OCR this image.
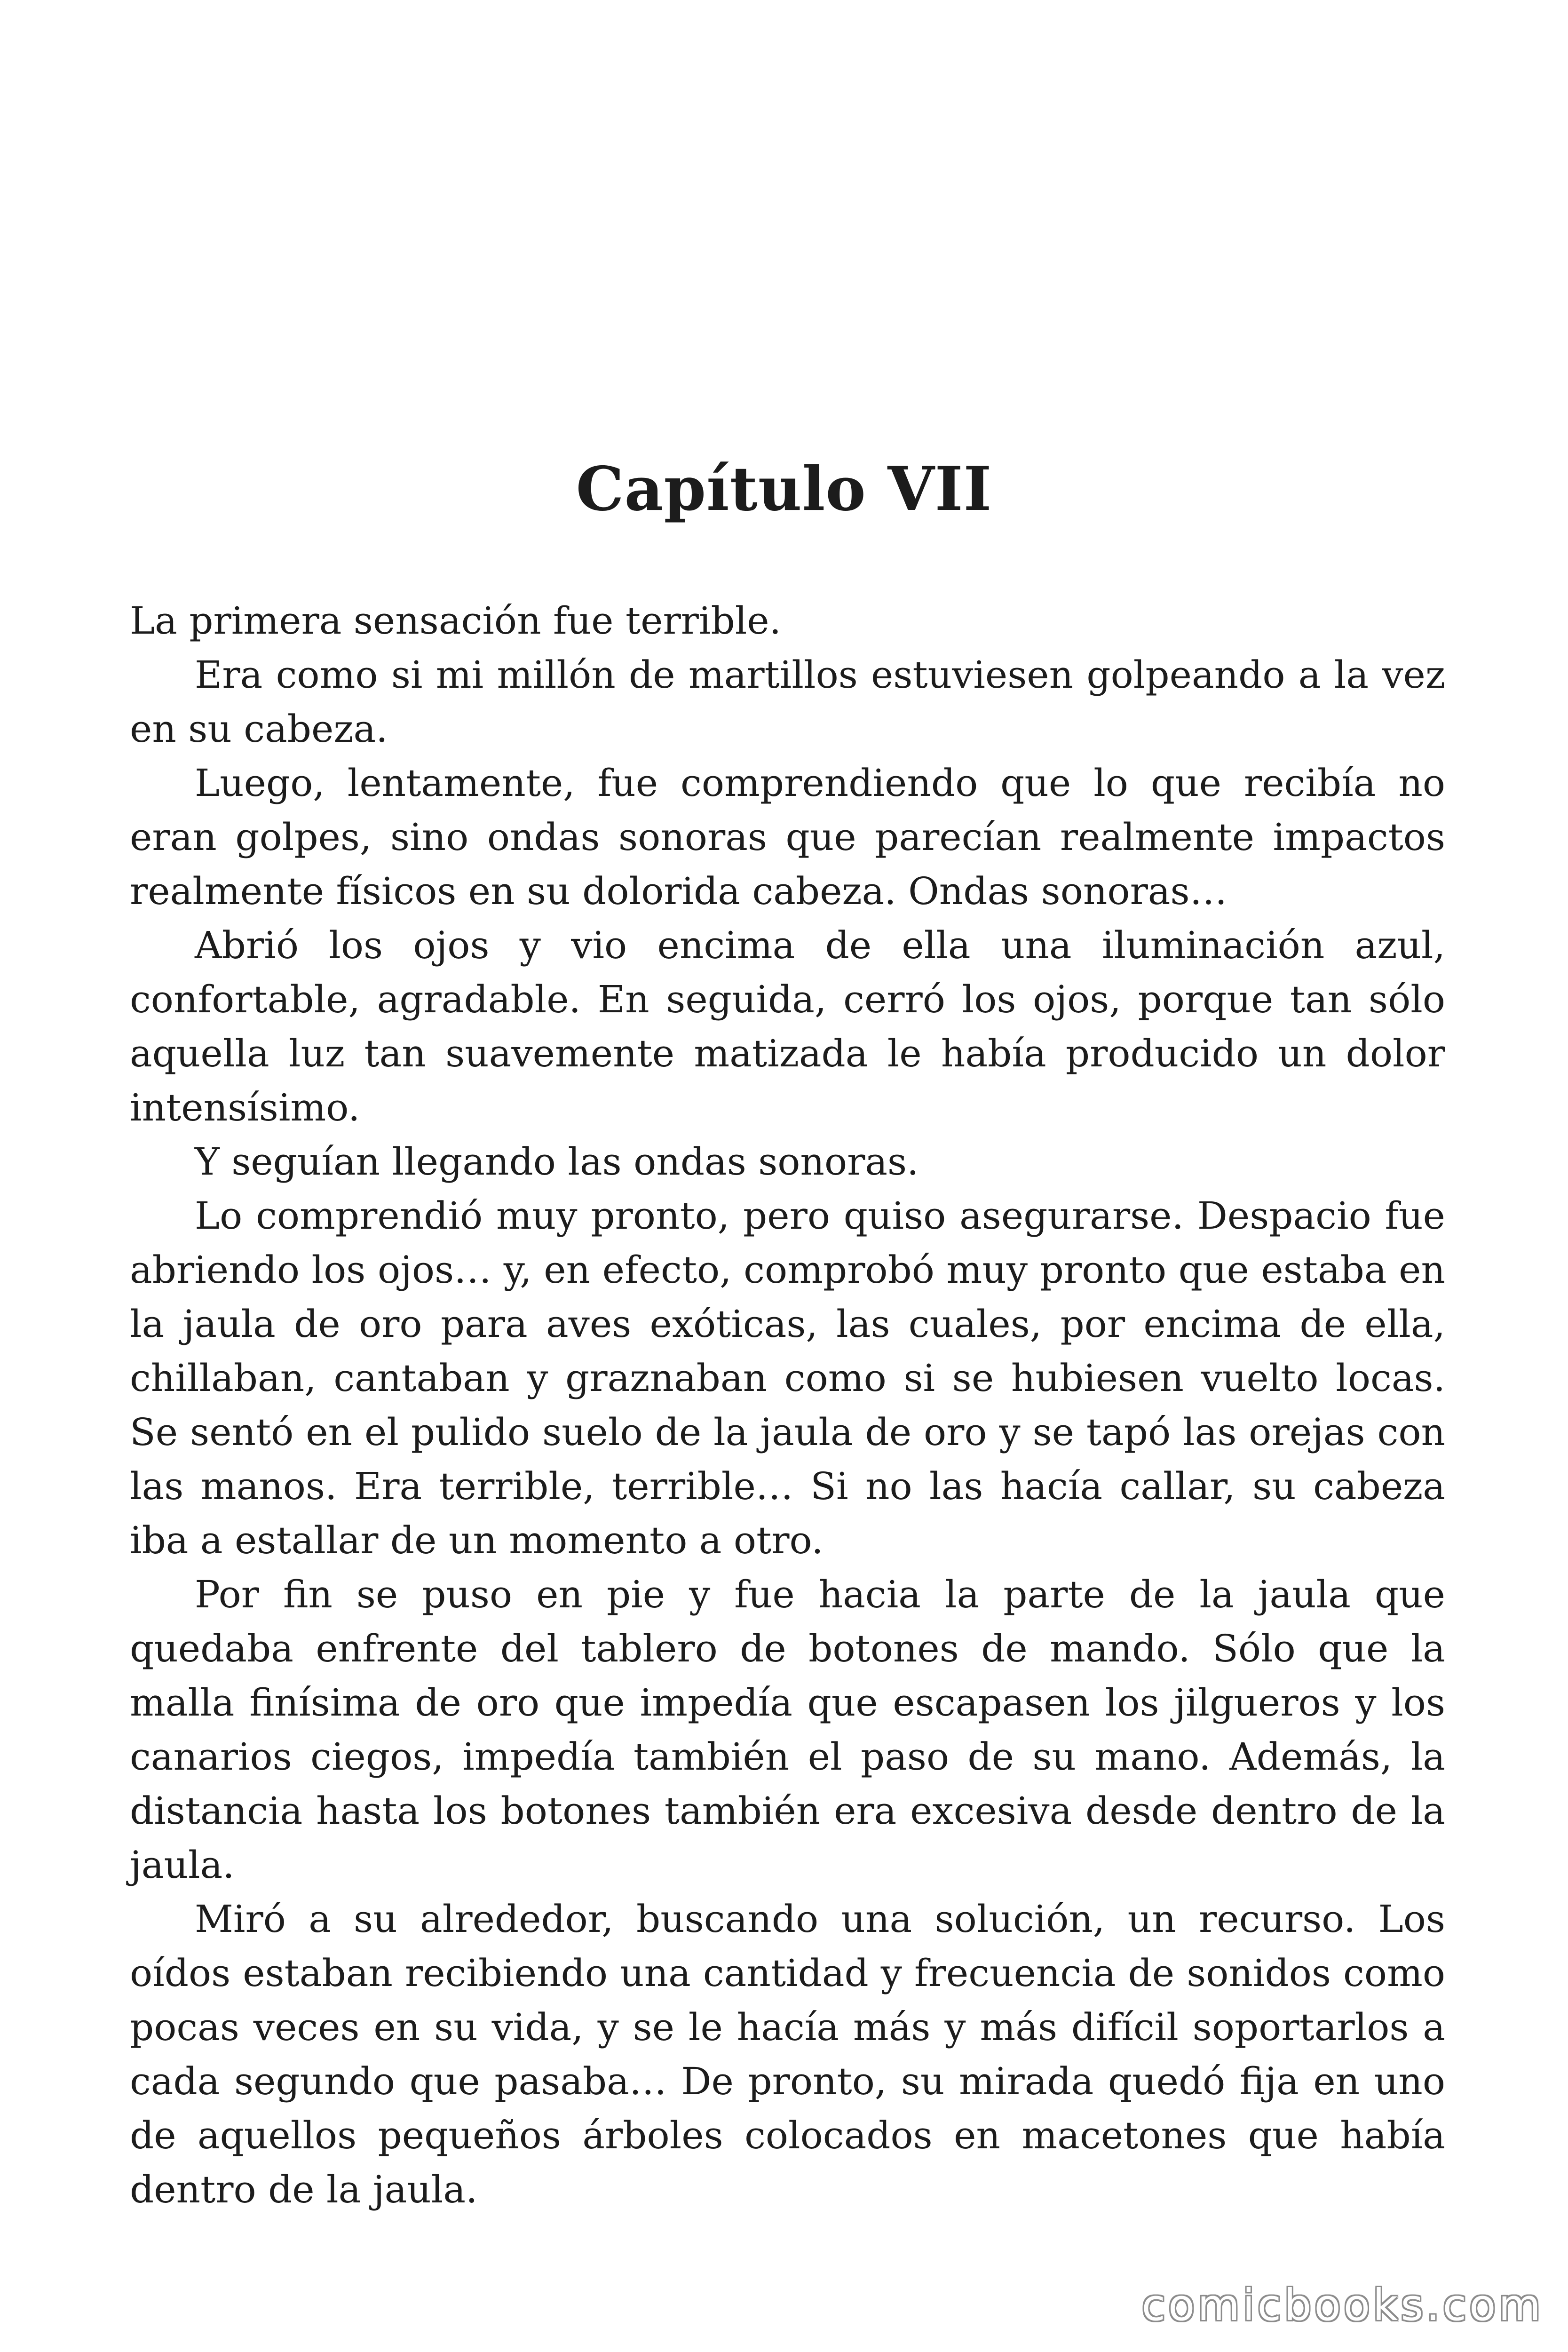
Capítulo VII

La primera sensación fue terrible.

Era como si mi millón de martillos estuviesen golpeando a la vez en su cabeza.

Luego, lentamente, fue comprendiendo que lo que recibía no eran golpes, sino ondas sonoras que parecían realmente impactos realmente físicos en su dolorida cabeza. Ondas sonoras…

Abrió los ojos y vio encima de ella una iluminación azul, confortable, agradable. En seguida, cerró los ojos, porque tan sólo aquella luz tan suavemente matizada le había producido un dolor intensísimo.

Y seguían llegando las ondas sonoras.

Lo comprendió muy pronto, pero quiso asegurarse. Despacio fue abriendo los ojos… y, en efecto, comprobó muy pronto que estaba en la jaula de oro para aves exóticas, las cuales, por encima de ella, chillaban, cantaban y graznaban como si se hubiesen vuelto locas. Se sentó en el pulido suelo de la jaula de oro y se tapó las orejas con las manos. Era terrible, terrible… Si no las hacía callar, su cabeza iba a estallar de un momento a otro.

Por fin se puso en pie y fue hacia la parte de la jaula que quedaba enfrente del tablero de botones de mando. Sólo que la malla finísima de oro que impedía que escapasen los jilgueros y los canarios ciegos, impedía también el paso de su mano. Además, la distancia hasta los botones también era excesiva desde dentro de la jaula.

Miró a su alrededor, buscando una solución, un recurso. Los oídos estaban recibiendo una cantidad y frecuencia de sonidos como pocas veces en su vida, y se le hacía más y más difícil soportarlos a cada segundo que pasaba… De pronto, su mirada quedó fija en uno de aquellos pequeños árboles colocados en macetones que había dentro de la jaula.

comicbooks.com
